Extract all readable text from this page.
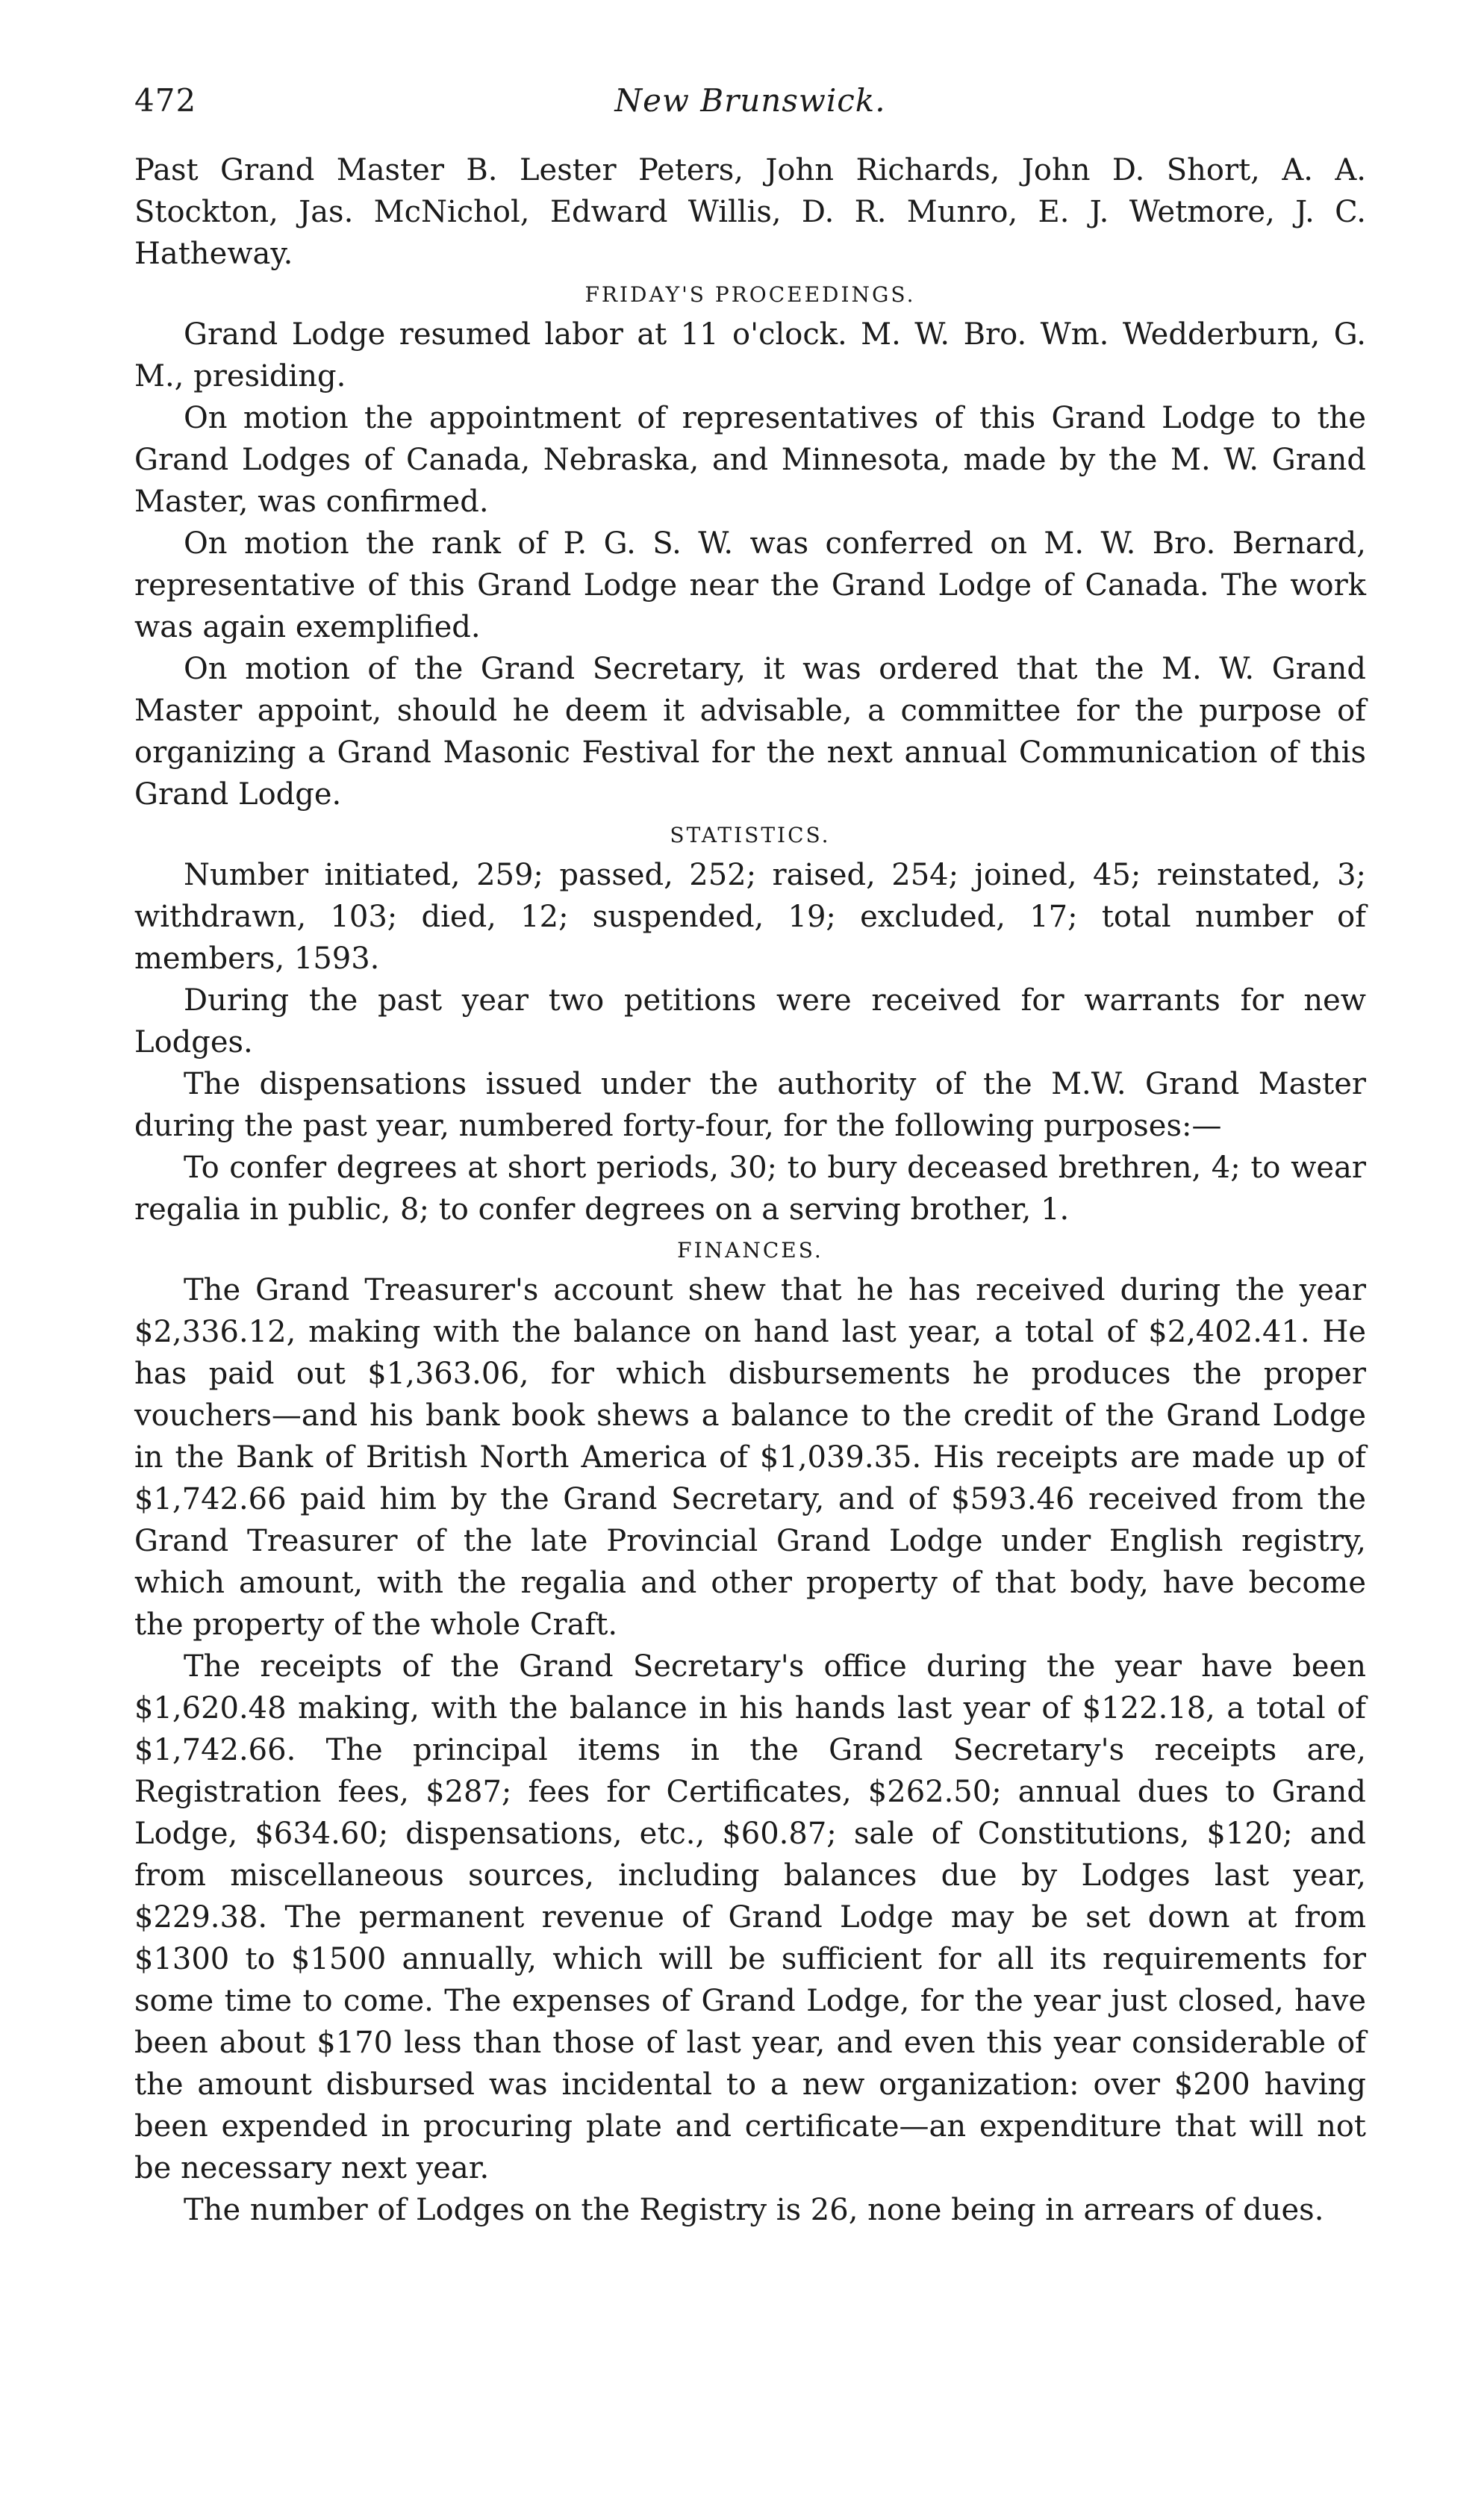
472	New Brunswick.

Past Grand Master B. Lester Peters, John Richards, John D. Short, A. A. Stockton, Jas. McNichol, Edward Willis, D. R. Munro, E. J. Wetmore, J. C. Hatheway.

FRIDAY'S PROCEEDINGS.

Grand Lodge resumed labor at 11 o'clock. M. W. Bro. Wm. Wedderburn, G. M., presiding.

On motion the appointment of representatives of this Grand Lodge to the Grand Lodges of Canada, Nebraska, and Minnesota, made by the M. W. Grand Master, was confirmed.

On motion the rank of P. G. S. W. was conferred on M. W. Bro. Bernard, representative of this Grand Lodge near the Grand Lodge of Canada. The work was again exemplified.

On motion of the Grand Secretary, it was ordered that the M. W. Grand Master appoint, should he deem it advisable, a committee for the purpose of organizing a Grand Masonic Festival for the next annual Communication of this Grand Lodge.

STATISTICS.

Number initiated, 259; passed, 252; raised, 254; joined, 45; reinstated, 3; withdrawn, 103; died, 12; suspended, 19; excluded, 17; total number of members, 1593.

During the past year two petitions were received for warrants for new Lodges.

The dispensations issued under the authority of the M.W. Grand Master during the past year, numbered forty-four, for the following purposes:—

To confer degrees at short periods, 30; to bury deceased brethren, 4; to wear regalia in public, 8; to confer degrees on a serving brother, 1.

FINANCES.

The Grand Treasurer's account shew that he has received during the year $2,336.12, making with the balance on hand last year, a total of $2,402.41. He has paid out $1,363.06, for which disbursements he produces the proper vouchers—and his bank book shews a balance to the credit of the Grand Lodge in the Bank of British North America of $1,039.35. His receipts are made up of $1,742.66 paid him by the Grand Secretary, and of $593.46 received from the Grand Treasurer of the late Provincial Grand Lodge under English registry, which amount, with the regalia and other property of that body, have become the property of the whole Craft.

The receipts of the Grand Secretary's office during the year have been $1,620.48 making, with the balance in his hands last year of $122.18, a total of $1,742.66. The principal items in the Grand Secretary's receipts are, Registration fees, $287; fees for Certificates, $262.50; annual dues to Grand Lodge, $634.60; dispensations, etc., $60.87; sale of Constitutions, $120; and from miscellaneous sources, including balances due by Lodges last year, $229.38. The permanent revenue of Grand Lodge may be set down at from $1300 to $1500 annually, which will be sufficient for all its requirements for some time to come. The expenses of Grand Lodge, for the year just closed, have been about $170 less than those of last year, and even this year considerable of the amount disbursed was incidental to a new organization: over $200 having been expended in procuring plate and certificate—an expenditure that will not be necessary next year.

The number of Lodges on the Registry is 26, none being in arrears of dues.
